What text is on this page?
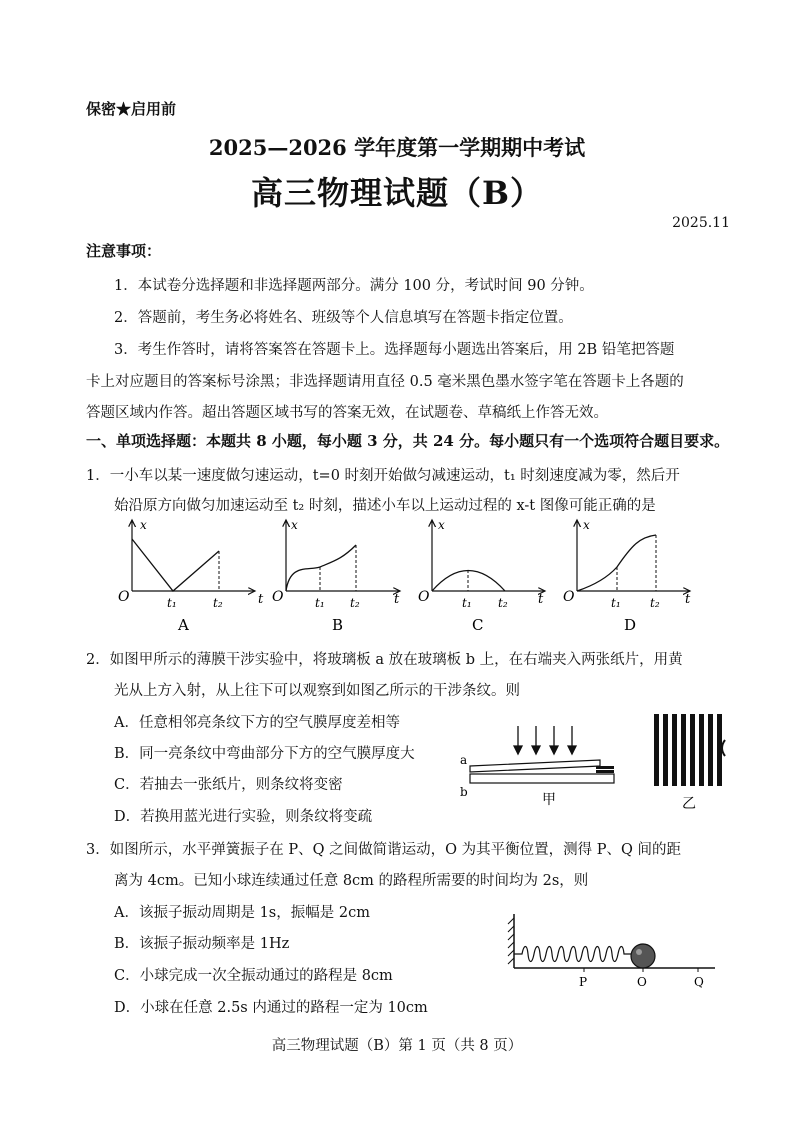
保密★启用前
2025—2026 学年度第一学期期中考试
高三物理试题（B）
2025.11
注意事项：
1．本试卷分选择题和非选择题两部分。满分 100 分，考试时间 90 分钟。
2．答题前，考生务必将姓名、班级等个人信息填写在答题卡指定位置。
3．考生作答时，请将答案答在答题卡上。选择题每小题选出答案后，用 2B 铅笔把答题
卡上对应题目的答案标号涂黑；非选择题请用直径 0.5 毫米黑色墨水签字笔在答题卡上各题的
答题区域内作答。超出答题区域书写的答案无效，在试题卷、草稿纸上作答无效。
一、单项选择题：本题共 8 小题，每小题 3 分，共 24 分。每小题只有一个选项符合题目要求。
1．一小车以某一速度做匀速运动，t=0 时刻开始做匀减速运动，t₁ 时刻速度减为零，然后开
始沿原方向做匀加速运动至 t₂ 时刻，描述小车以上运动过程的 x-t 图像可能正确的是
O
x
t
t₁	t₂
A
O
x
t
t₁ t₂
B
O
x
t
t₁ t₂
C
O
x
t
t₁ t₂
D
2．如图甲所示的薄膜干涉实验中，将玻璃板 a 放在玻璃板 b 上，在右端夹入两张纸片，用黄
光从上方入射，从上往下可以观察到如图乙所示的干涉条纹。则
A．任意相邻亮条纹下方的空气膜厚度差相等
B．同一亮条纹中弯曲部分下方的空气膜厚度大
C．若抽去一张纸片，则条纹将变密
D．若换用蓝光进行实验，则条纹将变疏
a
b	甲	乙
3．如图所示，水平弹簧振子在 P、Q 之间做简谐运动，O 为其平衡位置，测得 P、Q 间的距
离为 4cm。已知小球连续通过任意 8cm 的路程所需要的时间均为 2s，则
A．该振子振动周期是 1s，振幅是 2cm
B．该振子振动频率是 1Hz
C．小球完成一次全振动通过的路程是 8cm
D．小球在任意 2.5s 内通过的路程一定为 10cm
P	O	Q
高三物理试题（B）第 1 页（共 8 页）
